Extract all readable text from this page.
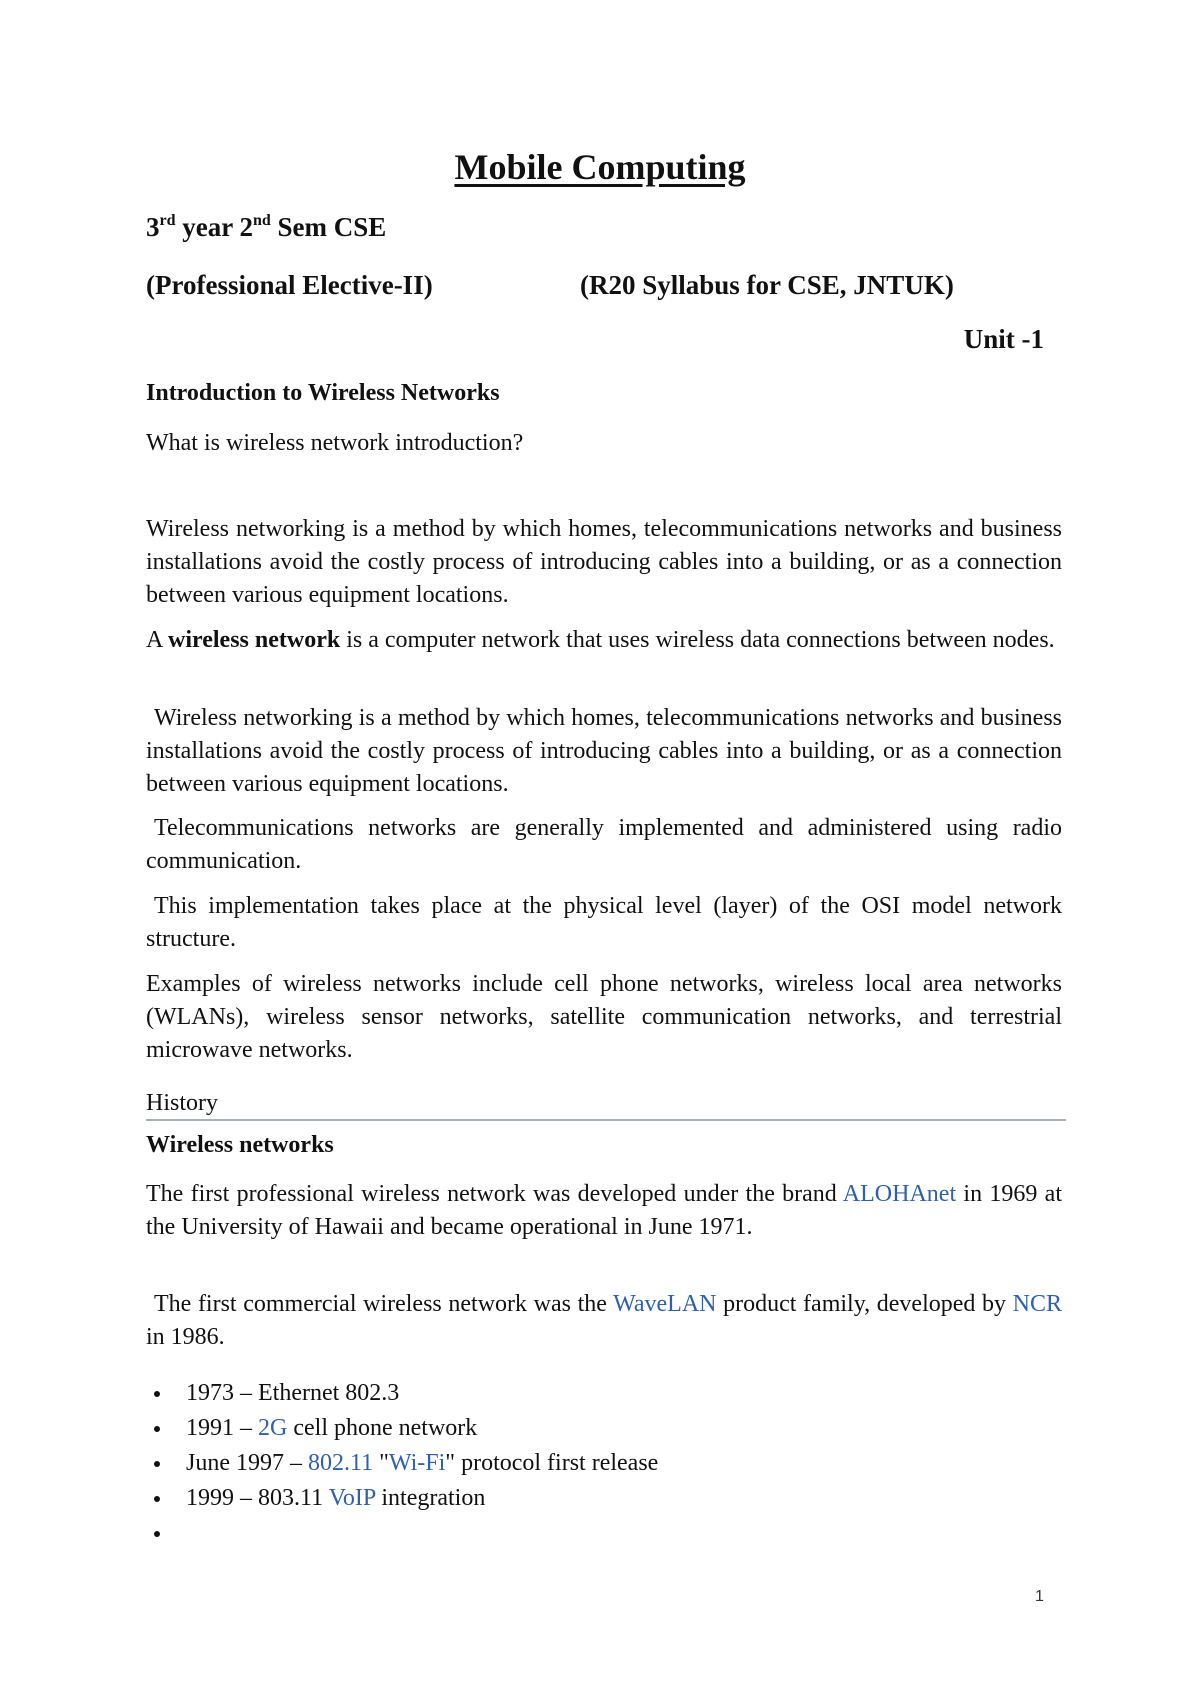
Mobile Computing
3rd year 2nd Sem CSE
(Professional Elective-II)	(R20 Syllabus for CSE, JNTUK)
Unit -1
Introduction to Wireless Networks
What is wireless network introduction?

Wireless networking is a method by which homes, telecommunications networks and business installations avoid the costly process of introducing cables into a building, or as a connection between various equipment locations.

A wireless network is a computer network that uses wireless data connections between nodes.

Wireless networking is a method by which homes, telecommunications networks and business installations avoid the costly process of introducing cables into a building, or as a connection between various equipment locations.

Telecommunications networks are generally implemented and administered using radio communication.

This implementation takes place at the physical level (layer) of the OSI model network structure.

Examples of wireless networks include cell phone networks, wireless local area networks (WLANs), wireless sensor networks, satellite communication networks, and terrestrial microwave networks.

History
Wireless networks

The first professional wireless network was developed under the brand ALOHAnet in 1969 at the University of Hawaii and became operational in June 1971.

The first commercial wireless network was the WaveLAN product family, developed by NCR in 1986.

1973 – Ethernet 802.3
1991 – 2G cell phone network
June 1997 – 802.11 "Wi-Fi" protocol first release
1999 – 803.11 VoIP integration
1
